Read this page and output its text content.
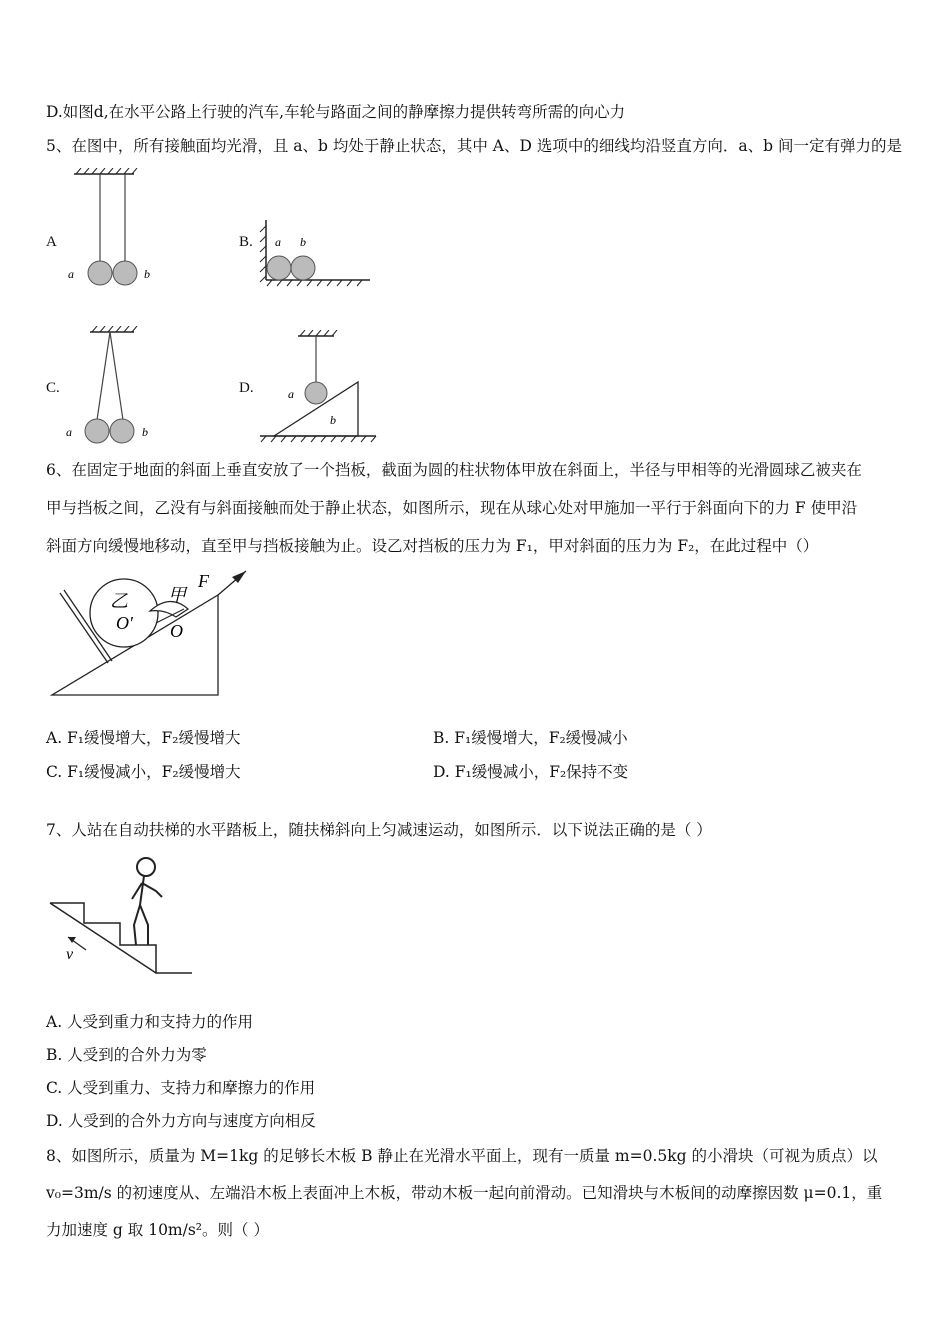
D.如图d,在水平公路上行驶的汽车,车轮与路面之间的静摩擦力提供转弯所需的向心力
5、在图中，所有接触面均光滑，且 a、b 均处于静止状态，其中 A、D 选项中的细线均沿竖直方向．a、b 间一定有弹力的是
A
a	b
B. a b
C.
a	b
D.	a
b
6、在固定于地面的斜面上垂直安放了一个挡板，截面为圆的柱状物体甲放在斜面上，半径与甲相等的光滑圆球乙被夹在
甲与挡板之间，乙没有与斜面接触而处于静止状态，如图所示，现在从球心处对甲施加一平行于斜面向下的力 F 使甲沿
斜面方向缓慢地移动，直至甲与挡板接触为止。设乙对挡板的压力为 F₁，甲对斜面的压力为 F₂，在此过程中（）
乙 甲
F
O′ O
A. F₁缓慢增大，F₂缓慢增大	B. F₁缓慢增大，F₂缓慢减小
C. F₁缓慢减小，F₂缓慢增大	D. F₁缓慢减小，F₂保持不变
7、人站在自动扶梯的水平踏板上，随扶梯斜向上匀减速运动，如图所示．以下说法正确的是（ ）
v
A. 人受到重力和支持力的作用
B. 人受到的合外力为零
C. 人受到重力、支持力和摩擦力的作用
D. 人受到的合外力方向与速度方向相反
8、如图所示，质量为 M=1kg 的足够长木板 B 静止在光滑水平面上，现有一质量 m=0.5kg 的小滑块（可视为质点）以
v₀=3m/s 的初速度从、左端沿木板上表面冲上木板，带动木板一起向前滑动。已知滑块与木板间的动摩擦因数 μ=0.1，重
力加速度 g 取 10m/s²。则（ ）
